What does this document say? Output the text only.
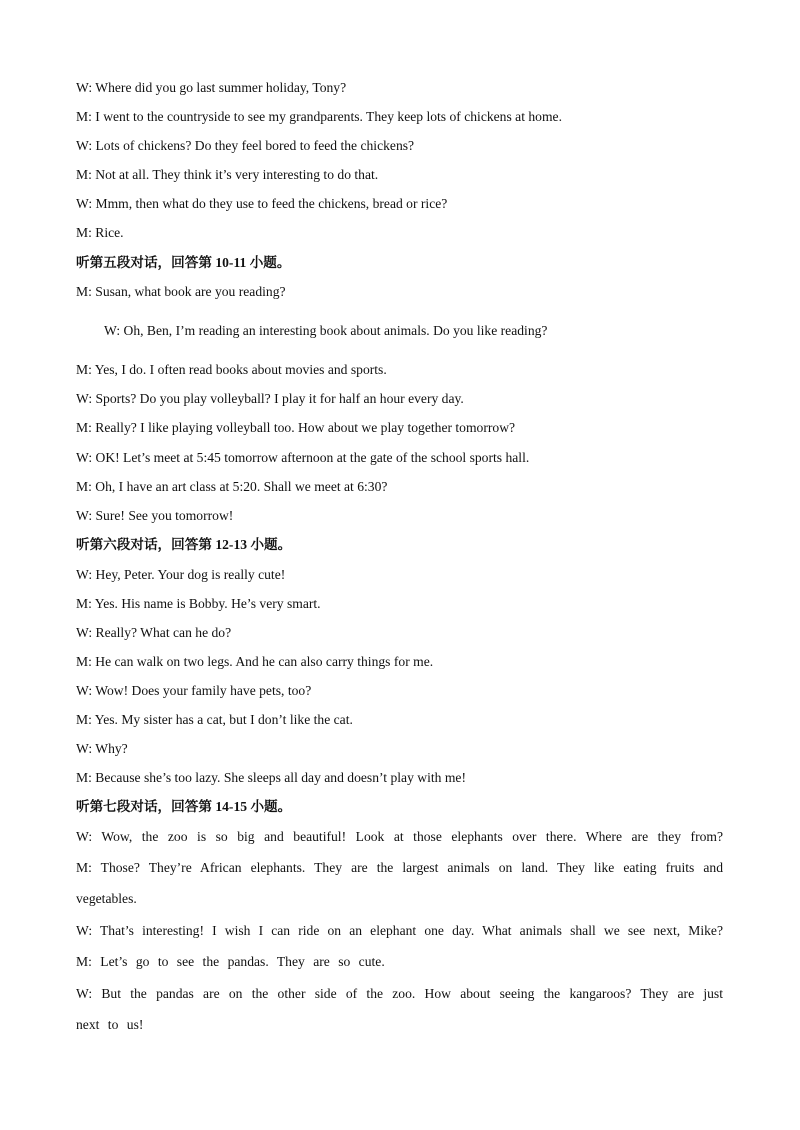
W: Where did you go last summer holiday, Tony?
M: I went to the countryside to see my grandparents. They keep lots of chickens at home.
W: Lots of chickens? Do they feel bored to feed the chickens?
M: Not at all. They think it’s very interesting to do that.
W: Mmm, then what do they use to feed the chickens, bread or rice?
M: Rice.
听第五段对话，回答第 10-11 小题。
M: Susan, what book are you reading?
W: Oh, Ben, I’m reading an interesting book about animals. Do you like reading?
M: Yes, I do. I often read books about movies and sports.
W: Sports? Do you play volleyball? I play it for half an hour every day.
M: Really? I like playing volleyball too. How about we play together tomorrow?
W: OK! Let’s meet at 5:45 tomorrow afternoon at the gate of the school sports hall.
M: Oh, I have an art class at 5:20. Shall we meet at 6:30?
W: Sure! See you tomorrow!
听第六段对话，回答第 12-13 小题。
W: Hey, Peter. Your dog is really cute!
M: Yes. His name is Bobby. He’s very smart.
W: Really? What can he do?
M: He can walk on two legs. And he can also carry things for me.
W: Wow! Does your family have pets, too?
M: Yes. My sister has a cat, but I don’t like the cat.
W: Why?
M: Because she’s too lazy. She sleeps all day and doesn’t play with me!
听第七段对话，回答第 14-15 小题。
W: Wow, the zoo is so big and beautiful! Look at those elephants over there. Where are they from?
M: Those? They’re African elephants. They are the largest animals on land. They like eating fruits and
vegetables.
W: That’s interesting! I wish I can ride on an elephant one day. What animals shall we see next, Mike?
M: Let’s go to see the pandas. They are so cute.
W: But the pandas are on the other side of the zoo. How about seeing the kangaroos? They are just
next to us!
